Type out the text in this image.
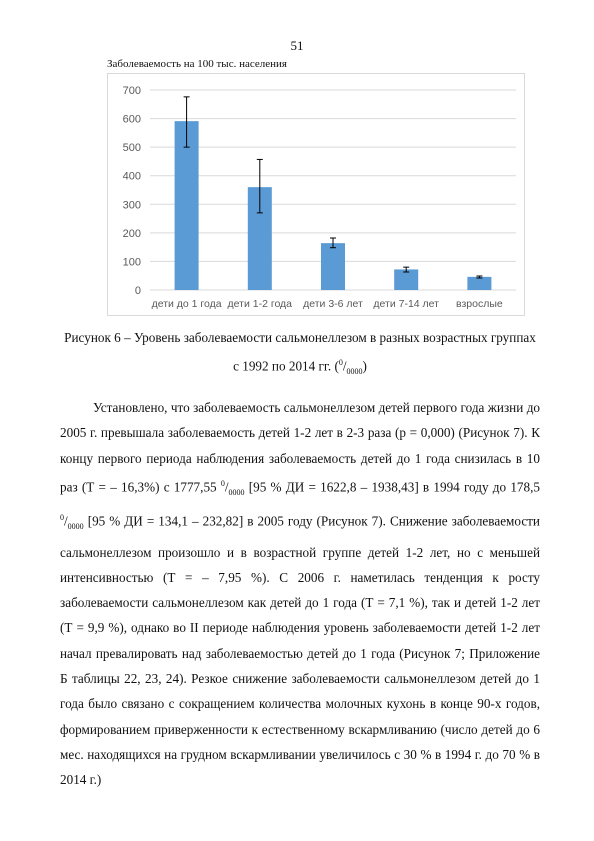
51
Заболеваемость на 100 тыс. населения
0
100
200
300
400
500
600
700
дети до 1 года дети 1-2 года дети 3-6 лет дети 7-14 лет взрослые
Рисунок 6 – Уровень заболеваемости сальмонеллезом в разных возрастных группах с 1992 по 2014 гг. $(^0/_{0000})$

Установлено, что заболеваемость сальмонеллезом детей первого года жизни до 2005 г. превышала заболеваемость детей 1-2 лет в 2-3 раза (p = 0,000) (Рисунок 7). К концу первого периода наблюдения заболеваемость детей до 1 года снизилась в 10 раз (Т = – 16,3%) с 1777,55 $^0/_{0000}$ [95 % ДИ = 1622,8 – 1938,43] в 1994 году до 178,5 $^0/_{0000}$ [95 % ДИ = 134,1 – 232,82] в 2005 году (Рисунок 7). Снижение заболеваемости сальмонеллезом произошло и в возрастной группе детей 1-2 лет, но с меньшей интенсивностью (Т = – 7,95 %). С 2006 г. наметилась тенденция к росту заболеваемости сальмонеллезом как детей до 1 года (Т = 7,1 %), так и детей 1-2 лет (Т = 9,9 %), однако во II периоде наблюдения уровень заболеваемости детей 1-2 лет начал превалировать над заболеваемостью детей до 1 года (Рисунок 7; Приложение Б таблицы 22, 23, 24). Резкое снижение заболеваемости сальмонеллезом детей до 1 года было связано с сокращением количества молочных кухонь в конце 90-х годов, формированием приверженности к естественному вскармливанию (число детей до 6 мес. находящихся на грудном вскармливании увеличилось с 30 % в 1994 г. до 70 % в 2014 г.)
